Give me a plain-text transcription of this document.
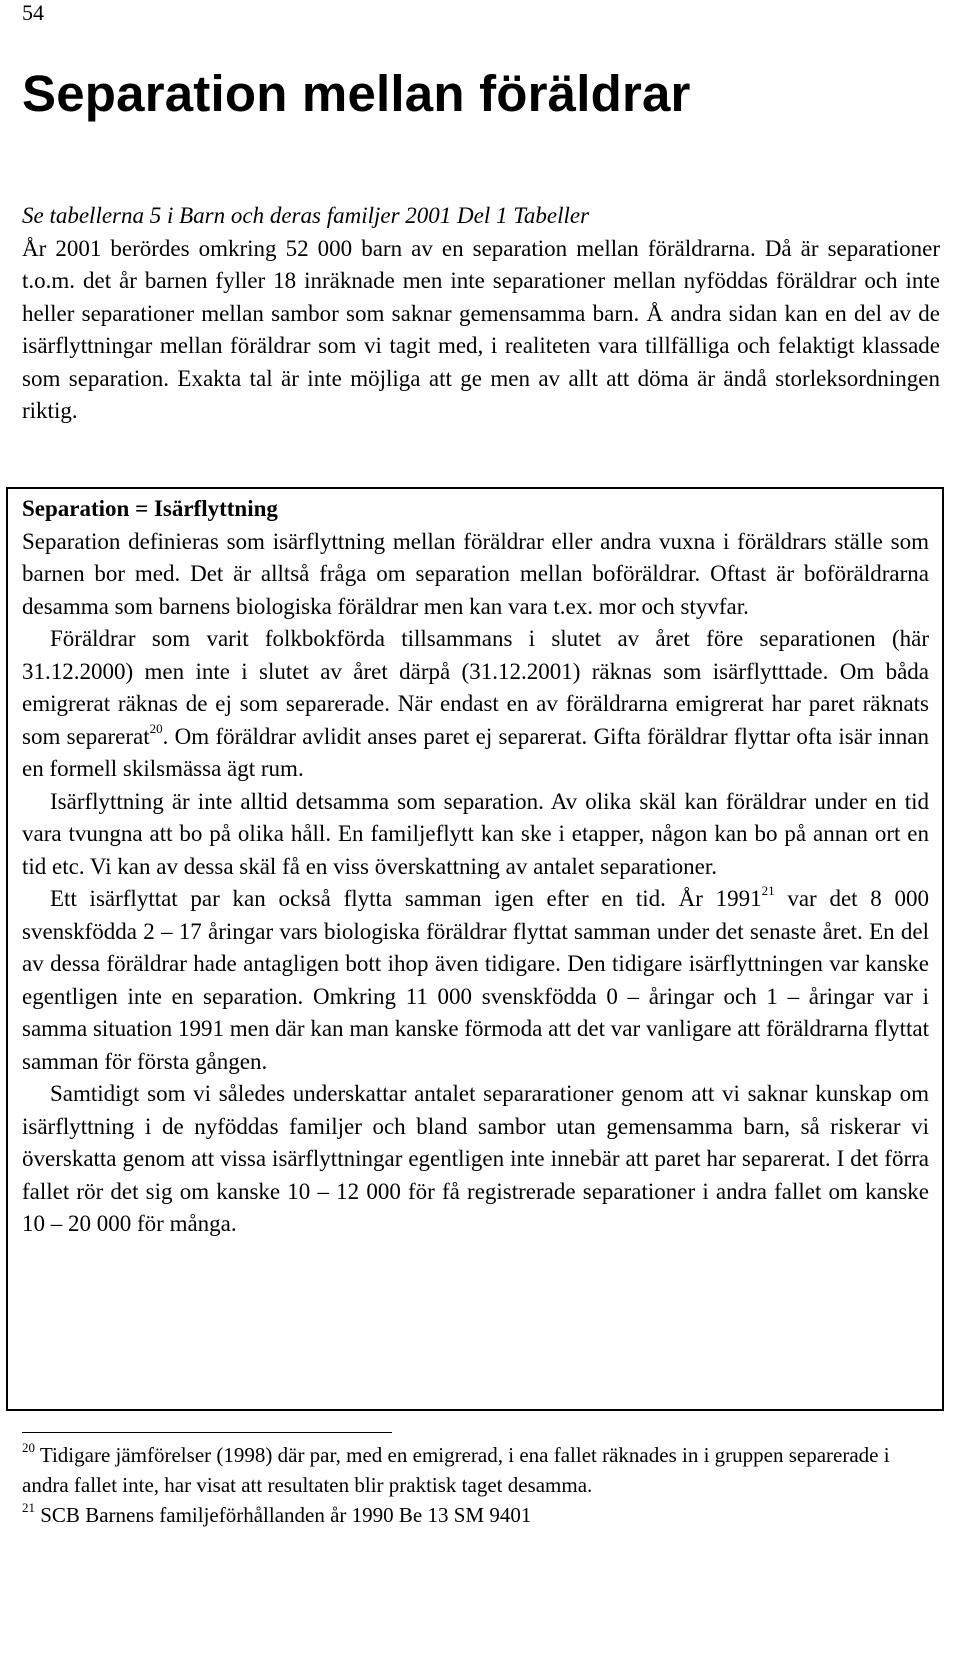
54
Separation mellan föräldrar

Se tabellerna 5 i Barn och deras familjer 2001 Del 1 Tabeller

År 2001 berördes omkring 52 000 barn av en separation mellan föräldrarna. Då är separationer t.o.m. det år barnen fyller 18 inräknade men inte separationer mellan nyföddas föräldrar och inte heller separationer mellan sambor som saknar gemensamma barn. Å andra sidan kan en del av de isärflyttningar mellan föräldrar som vi tagit med, i realiteten vara tillfälliga och felaktigt klassade som separation. Exakta tal är inte möjliga att ge men av allt att döma är ändå storleksordningen riktig.

Separation = Isärflyttning

Separation definieras som isärflyttning mellan föräldrar eller andra vuxna i föräldrars ställe som barnen bor med. Det är alltså fråga om separation mellan boföräldrar. Oftast är boföräldrarna desamma som barnens biologiska föräldrar men kan vara t.ex. mor och styvfar.

Föräldrar som varit folkbokförda tillsammans i slutet av året före separationen (här 31.12.2000) men inte i slutet av året därpå (31.12.2001) räknas som isärflytttade. Om båda emigrerat räknas de ej som separerade. När endast en av föräldrarna emigrerat har paret räknats som separerat$^{20}$. Om föräldrar avlidit anses paret ej separerat. Gifta föräldrar flyttar ofta isär innan en formell skilsmässa ägt rum.

Isärflyttning är inte alltid detsamma som separation. Av olika skäl kan föräldrar under en tid vara tvungna att bo på olika håll. En familjeflytt kan ske i etapper, någon kan bo på annan ort en tid etc. Vi kan av dessa skäl få en viss överskattning av antalet separationer.

Ett isärflyttat par kan också flytta samman igen efter en tid. År 1991$^{21}$ var det 8 000 svenskfödda 2 – 17 åringar vars biologiska föräldrar flyttat samman under det senaste året. En del av dessa föräldrar hade antagligen bott ihop även tidigare. Den tidigare isärflyttningen var kanske egentligen inte en separation. Omkring 11 000 svenskfödda 0 – åringar och 1 – åringar var i samma situation 1991 men där kan man kanske förmoda att det var vanligare att föräldrarna flyttat samman för första gången.

Samtidigt som vi således underskattar antalet separarationer genom att vi saknar kunskap om isärflyttning i de nyföddas familjer och bland sambor utan gemensamma barn, så riskerar vi överskatta genom att vissa isärflyttningar egentligen inte innebär att paret har separerat. I det förra fallet rör det sig om kanske 10 – 12 000 för få registrerade separationer i andra fallet om kanske 10 – 20 000 för många.

$^{20}$ Tidigare jämförelser (1998) där par, med en emigrerad, i ena fallet räknades in i gruppen separerade i andra fallet inte, har visat att resultaten blir praktisk taget desamma.

$^{21}$ SCB Barnens familjeförhållanden år 1990 Be 13 SM 9401
